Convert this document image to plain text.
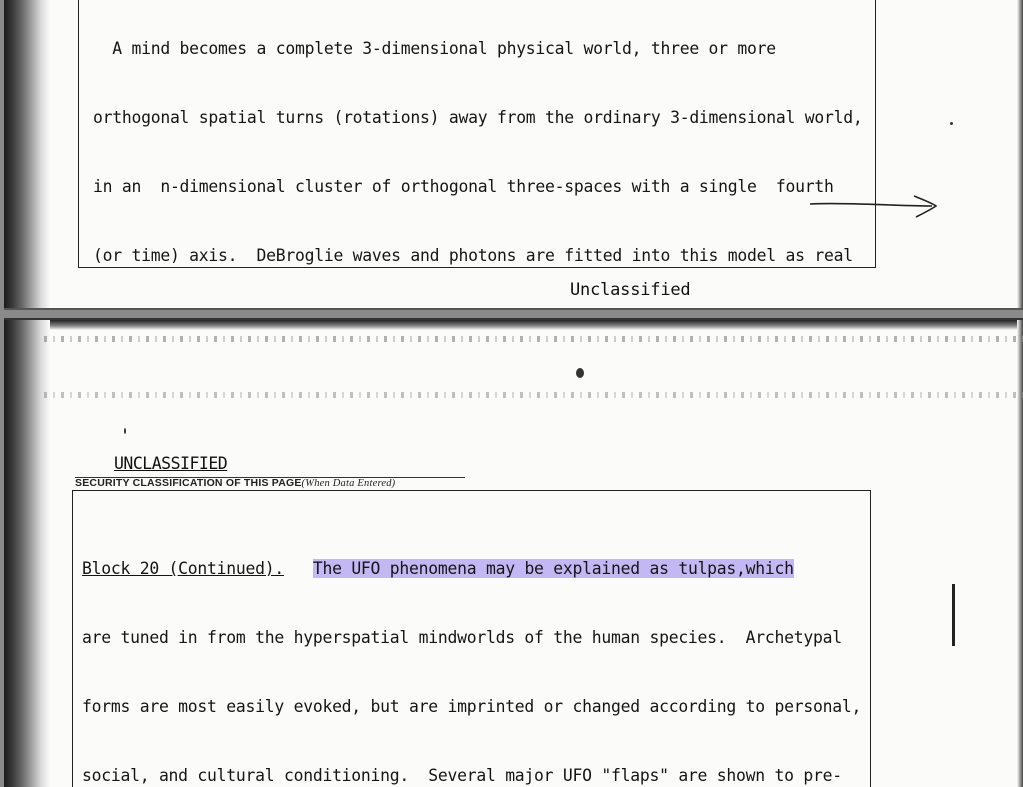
A mind becomes a complete 3-dimensional physical world, three or more

orthogonal spatial turns (rotations) away from the ordinary 3-dimensional world,

in an  n-dimensional cluster of orthogonal three-spaces with a single  fourth

(or time) axis.  DeBroglie waves and photons are fitted into this model as real

Unclassified
UNCLASSIFIED
SECURITY CLASSIFICATION OF THIS PAGE(When Data Entered)

Block 20 (Continued). The UFO phenomena may be explained as tulpas,which

are tuned in from the hyperspatial mindworlds of the human species.  Archetypal

forms are most easily evoked, but are imprinted or changed according to personal,

social, and cultural conditioning.  Several major UFO "flaps" are shown to pre-
